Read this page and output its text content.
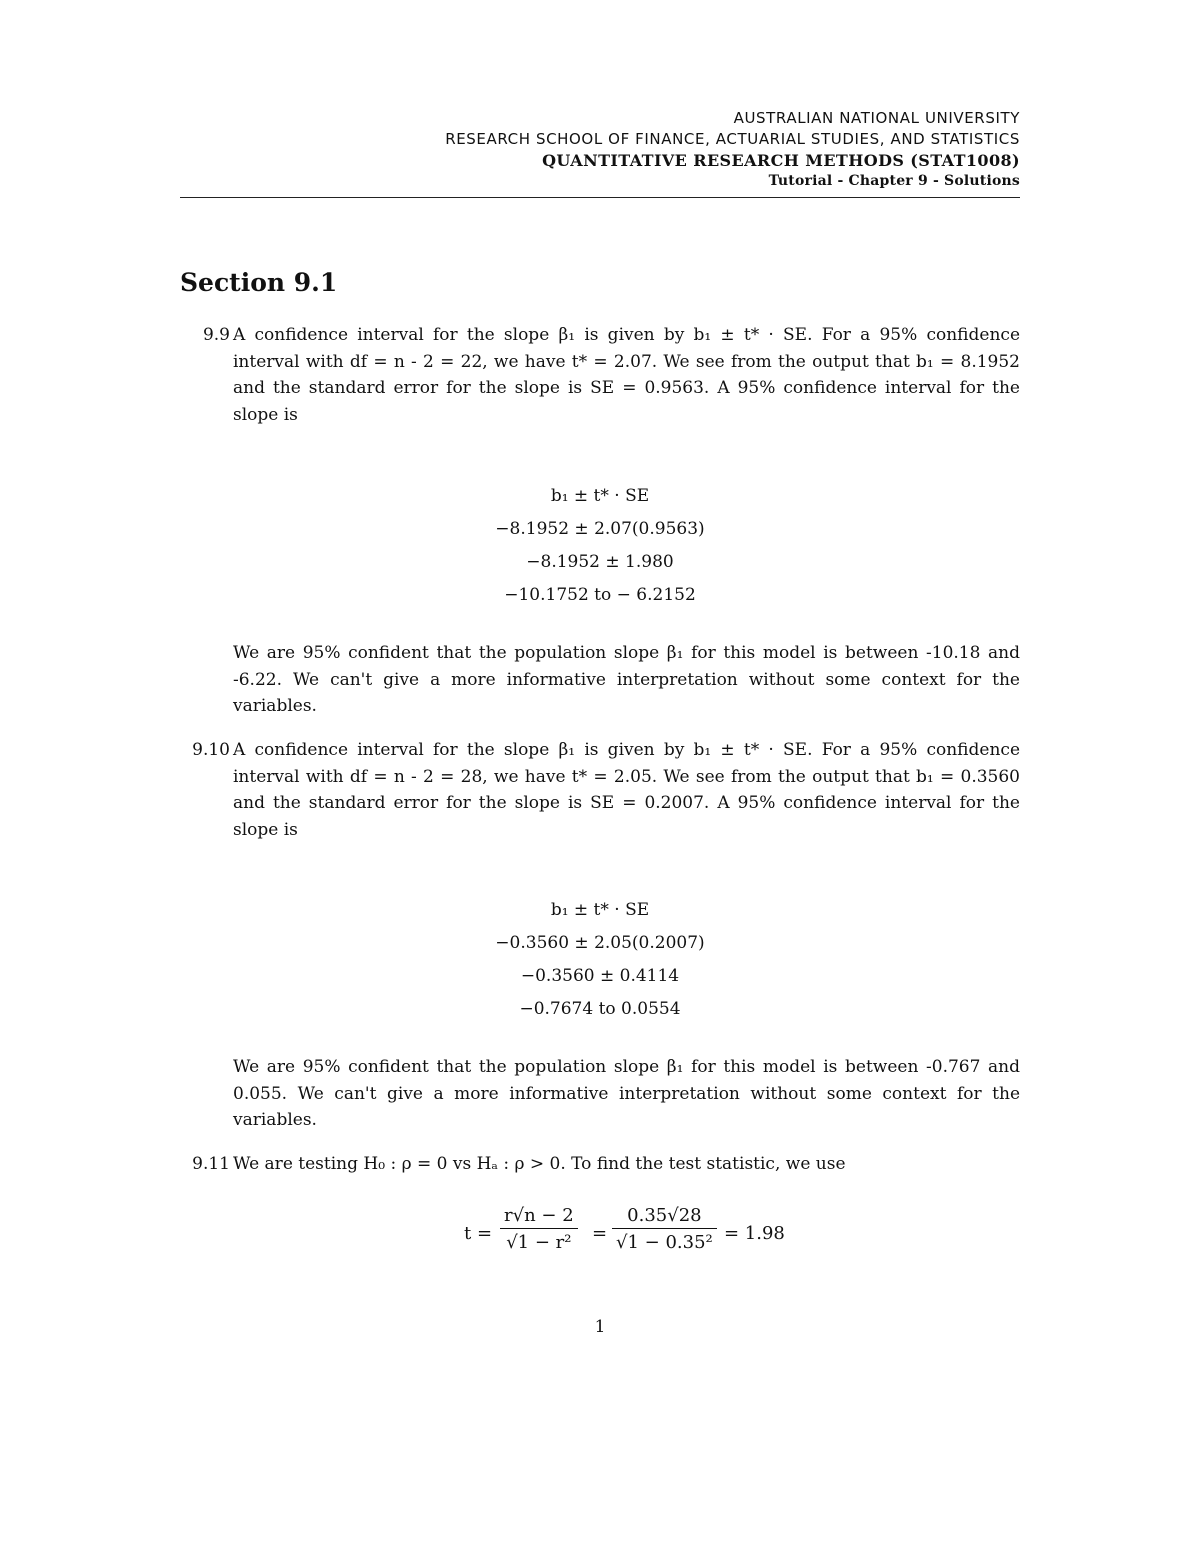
AUSTRALIAN NATIONAL UNIVERSITY
RESEARCH SCHOOL OF FINANCE, ACTUARIAL STUDIES, AND STATISTICS
QUANTITATIVE RESEARCH METHODS (STAT1008)
Tutorial - Chapter 9 - Solutions
Section 9.1
9.9 A confidence interval for the slope β₁ is given by b₁ ± t* · SE. For a 95% confidence interval with df = n - 2 = 22, we have t* = 2.07. We see from the output that b₁ = 8.1952 and the standard error for the slope is SE = 0.9563. A 95% confidence interval for the slope is
b₁ ± t* · SE
−8.1952 ± 2.07(0.9563)
−8.1952 ± 1.980
−10.1752 to − 6.2152
We are 95% confident that the population slope β₁ for this model is between -10.18 and -6.22. We can't give a more informative interpretation without some context for the variables.
9.10 A confidence interval for the slope β₁ is given by b₁ ± t* · SE. For a 95% confidence interval with df = n - 2 = 28, we have t* = 2.05. We see from the output that b₁ = 0.3560 and the standard error for the slope is SE = 0.2007. A 95% confidence interval for the slope is
b₁ ± t* · SE
−0.3560 ± 2.05(0.2007)
−0.3560 ± 0.4114
−0.7674 to 0.0554
We are 95% confident that the population slope β₁ for this model is between -0.767 and 0.055. We can't give a more informative interpretation without some context for the variables.
9.11 We are testing H₀ : ρ = 0 vs Hₐ : ρ > 0. To find the test statistic, we use
$t = \frac{r√n - 2}{\text{√1 − r²}} = \frac{0.35√28}{\text{√1 − 0.35²}} = 1.98$
1
